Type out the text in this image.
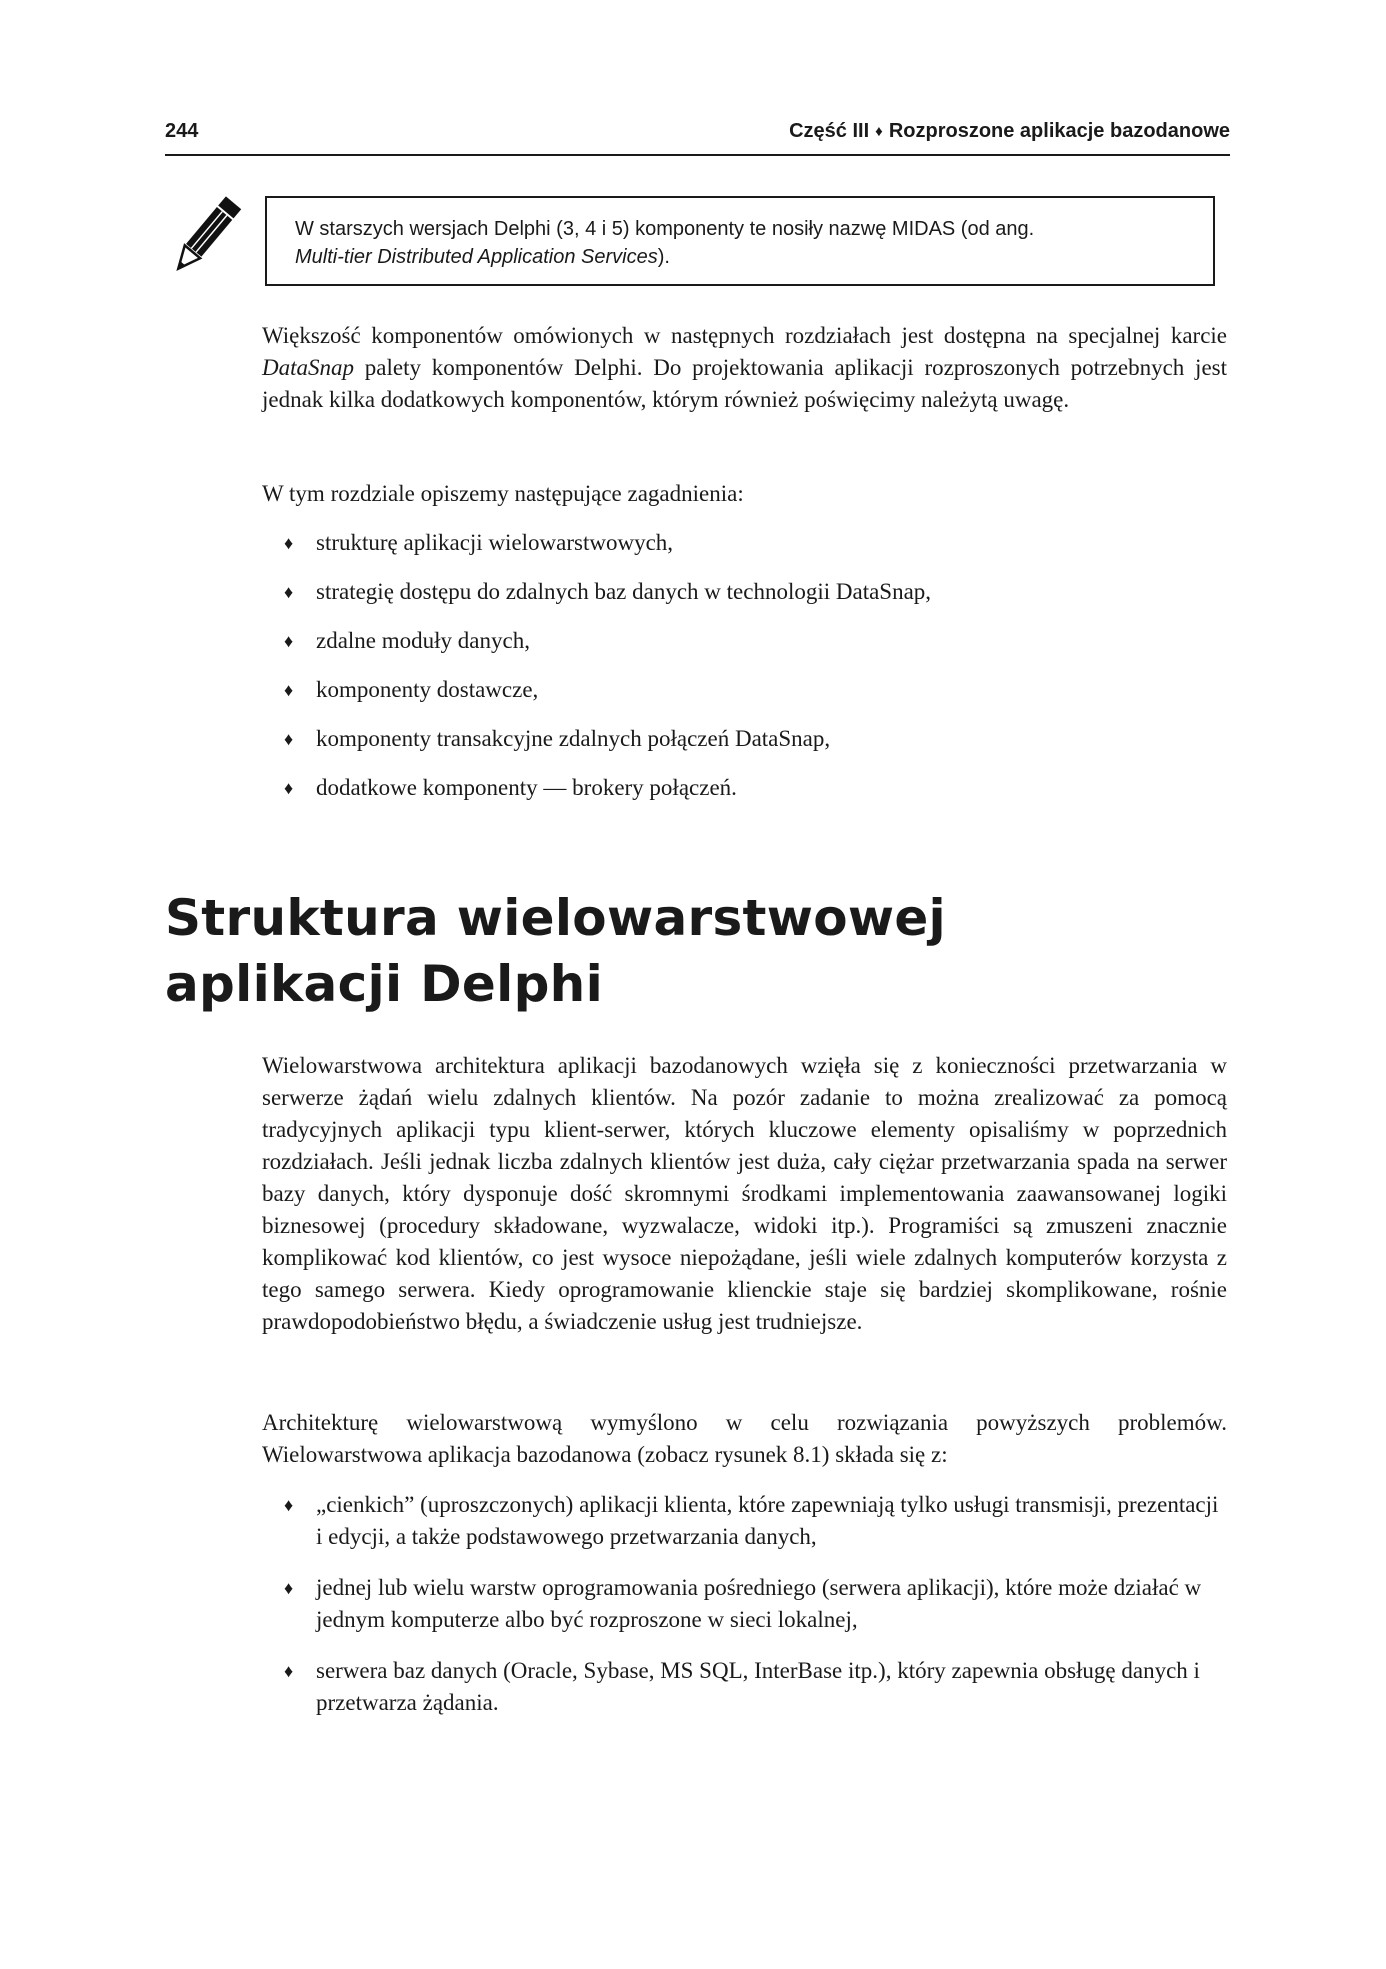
244	Część III ♦ Rozproszone aplikacje bazodanowe
W starszych wersjach Delphi (3, 4 i 5) komponenty te nosiły nazwę MIDAS (od ang.
Multi-tier Distributed Application Services).

Większość komponentów omówionych w następnych rozdziałach jest dostępna na specjalnej karcie DataSnap palety komponentów Delphi. Do projektowania aplikacji rozproszonych potrzebnych jest jednak kilka dodatkowych komponentów, którym również poświęcimy należytą uwagę.

W tym rozdziale opiszemy następujące zagadnienia:

♦ strukturę aplikacji wielowarstwowych,
♦ strategię dostępu do zdalnych baz danych w technologii DataSnap,
♦ zdalne moduły danych,
♦ komponenty dostawcze,
♦ komponenty transakcyjne zdalnych połączeń DataSnap,
♦ dodatkowe komponenty — brokery połączeń.
Struktura wielowarstwowej
aplikacji Delphi

Wielowarstwowa architektura aplikacji bazodanowych wzięła się z konieczności przetwarzania w serwerze żądań wielu zdalnych klientów. Na pozór zadanie to można zrealizować za pomocą tradycyjnych aplikacji typu klient-serwer, których kluczowe elementy opisaliśmy w poprzednich rozdziałach. Jeśli jednak liczba zdalnych klientów jest duża, cały ciężar przetwarzania spada na serwer bazy danych, który dysponuje dość skromnymi środkami implementowania zaawansowanej logiki biznesowej (procedury składowane, wyzwalacze, widoki itp.). Programiści są zmuszeni znacznie komplikować kod klientów, co jest wysoce niepożądane, jeśli wiele zdalnych komputerów korzysta z tego samego serwera. Kiedy oprogramowanie klienckie staje się bardziej skomplikowane, rośnie prawdopodobieństwo błędu, a świadczenie usług jest trudniejsze.

Architekturę wielowarstwową wymyślono w celu rozwiązania powyższych problemów. Wielowarstwowa aplikacja bazodanowa (zobacz rysunek 8.1) składa się z:

♦ „cienkich” (uproszczonych) aplikacji klienta, które zapewniają tylko usługi transmisji, prezentacji i edycji, a także podstawowego przetwarzania danych,
♦ jednej lub wielu warstw oprogramowania pośredniego (serwera aplikacji), które może działać w jednym komputerze albo być rozproszone w sieci lokalnej,
♦ serwera baz danych (Oracle, Sybase, MS SQL, InterBase itp.), który zapewnia obsługę danych i przetwarza żądania.
